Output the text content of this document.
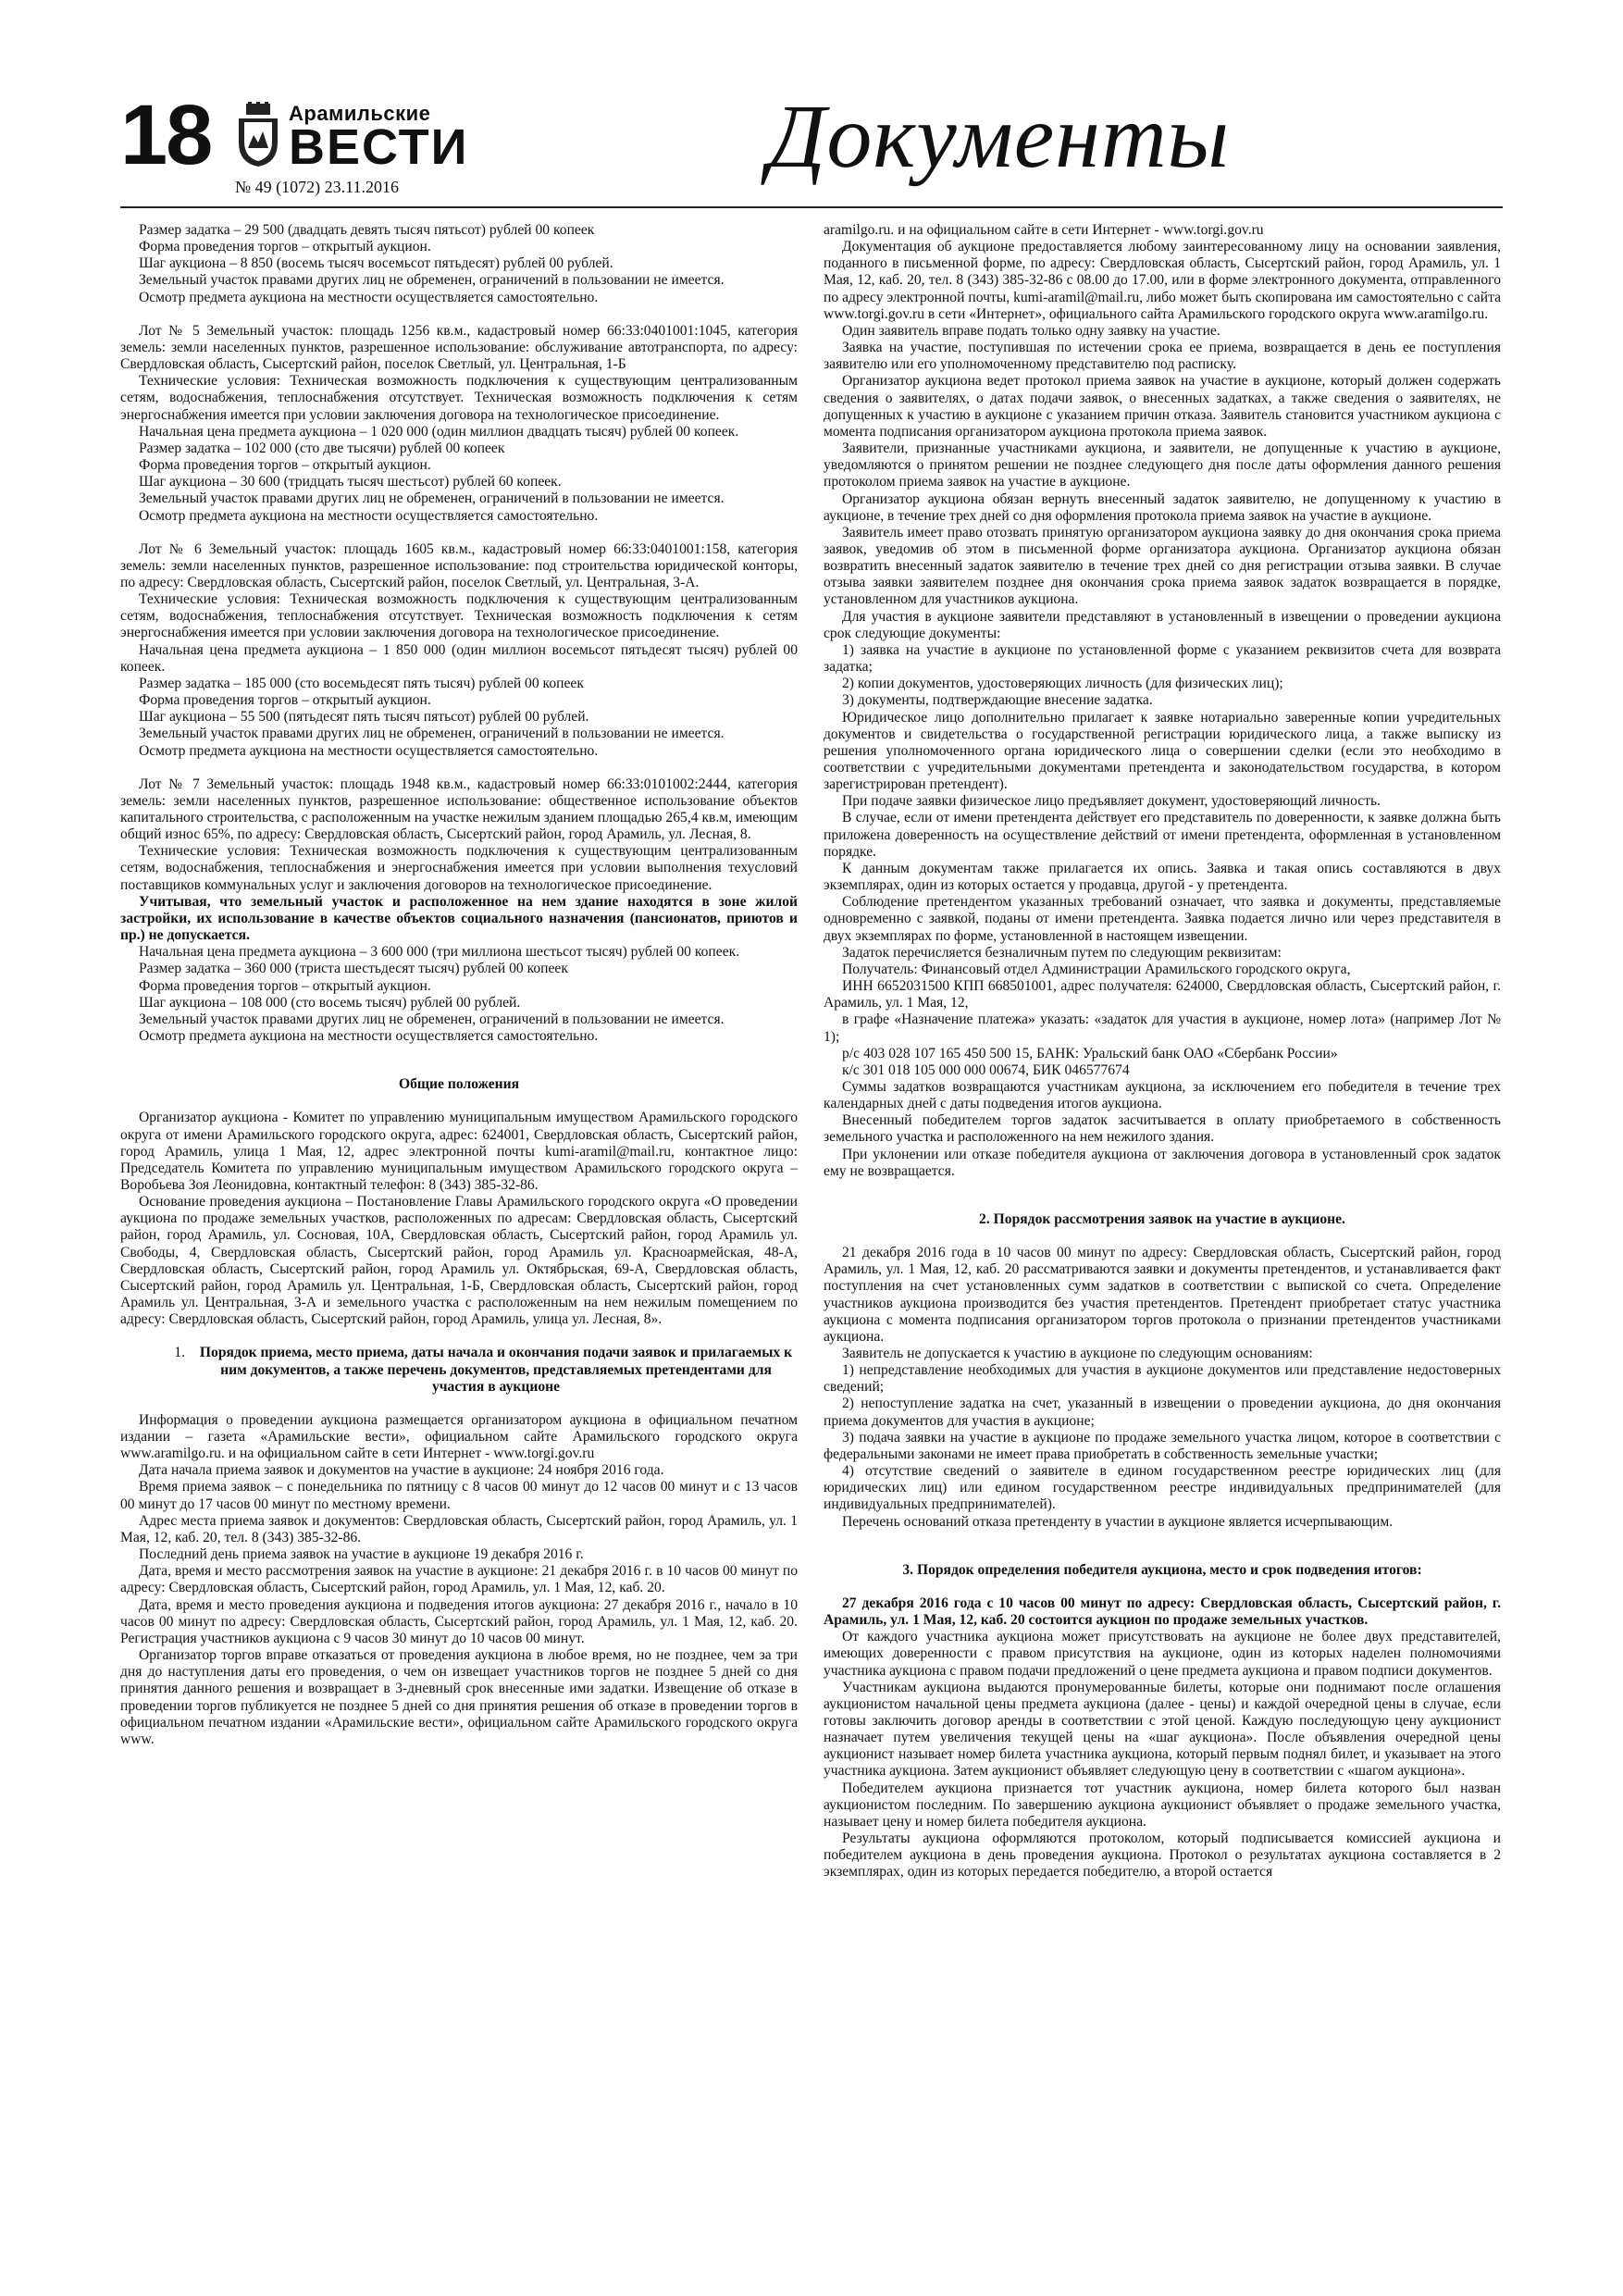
18	Арамильские
ВЕСТИ
№ 49 (1072) 23.11.2016	Документы

Размер задатка – 29 500 (двадцать девять тысяч пятьсот) рублей 00 копеек

Форма проведения торгов – открытый аукцион.

Шаг аукциона – 8 850 (восемь тысяч восемьсот пятьдесят) рублей 00 рублей.

Земельный участок правами других лиц не обременен, ограничений в пользовании не имеется.

Осмотр предмета аукциона на местности осуществляется самостоятельно.

Лот № 5 Земельный участок: площадь 1256 кв.м., кадастровый номер 66:33:0401001:1045, категория земель: земли населенных пунктов, разрешенное использование: обслуживание автотранспорта, по адресу: Свердловская область, Сысертский район, поселок Светлый, ул. Центральная, 1-Б

Технические условия: Техническая возможность подключения к существующим централизованным сетям, водоснабжения, теплоснабжения отсутствует. Техническая возможность подключения к сетям энергоснабжения имеется при условии заключения договора на технологическое присоединение.

Начальная цена предмета аукциона – 1 020 000 (один миллион двадцать тысяч) рублей 00 копеек.

Размер задатка – 102 000 (сто две тысячи) рублей 00 копеек

Форма проведения торгов – открытый аукцион.

Шаг аукциона – 30 600 (тридцать тысяч шестьсот) рублей 60 копеек.

Земельный участок правами других лиц не обременен, ограничений в пользовании не имеется.

Осмотр предмета аукциона на местности осуществляется самостоятельно.

Лот № 6 Земельный участок: площадь 1605 кв.м., кадастровый номер 66:33:0401001:158, категория земель: земли населенных пунктов, разрешенное использование: под строительства юридической конторы, по адресу: Свердловская область, Сысертский район, поселок Светлый, ул. Центральная, 3-А.

Технические условия: Техническая возможность подключения к существующим централизованным сетям, водоснабжения, теплоснабжения отсутствует. Техническая возможность подключения к сетям энергоснабжения имеется при условии заключения договора на технологическое присоединение.

Начальная цена предмета аукциона – 1 850 000 (один миллион восемьсот пятьдесят тысяч) рублей 00 копеек.

Размер задатка – 185 000 (сто восемьдесят пять тысяч) рублей 00 копеек

Форма проведения торгов – открытый аукцион.

Шаг аукциона – 55 500 (пятьдесят пять тысяч пятьсот) рублей 00 рублей.

Земельный участок правами других лиц не обременен, ограничений в пользовании не имеется.

Осмотр предмета аукциона на местности осуществляется самостоятельно.

Лот № 7 Земельный участок: площадь 1948 кв.м., кадастровый номер 66:33:0101002:2444, категория земель: земли населенных пунктов, разрешенное использование: общественное использование объектов капитального строительства, с расположенным на участке нежилым зданием площадью 265,4 кв.м, имеющим общий износ 65%, по адресу: Свердловская область, Сысертский район, город Арамиль, ул. Лесная, 8.

Технические условия: Техническая возможность подключения к существующим централизованным сетям, водоснабжения, теплоснабжения и энергоснабжения имеется при условии выполнения техусловий поставщиков коммунальных услуг и заключения договоров на технологическое присоединение.

Учитывая, что земельный участок и расположенное на нем здание находятся в зоне жилой застройки, их использование в качестве объектов социального назначения (пансионатов, приютов и пр.) не допускается.

Начальная цена предмета аукциона – 3 600 000 (три миллиона шестьсот тысяч) рублей 00 копеек.

Размер задатка – 360 000 (триста шестьдесят тысяч) рублей 00 копеек

Форма проведения торгов – открытый аукцион.

Шаг аукциона – 108 000 (сто восемь тысяч) рублей 00 рублей.

Земельный участок правами других лиц не обременен, ограничений в пользовании не имеется.

Осмотр предмета аукциона на местности осуществляется самостоятельно.

Общие положения

Организатор аукциона - Комитет по управлению муниципальным имуществом Арамильского городского округа от имени Арамильского городского округа, адрес: 624001, Свердловская область, Сысертский район, город Арамиль, улица 1 Мая, 12, адрес электронной почты kumi-aramil@mail.ru, контактное лицо: Председатель Комитета по управлению муниципальным имуществом Арамильского городского округа – Воробьева Зоя Леонидовна, контактный телефон: 8 (343) 385-32-86.

Основание проведения аукциона – Постановление Главы Арамильского городского округа «О проведении аукциона по продаже земельных участков, расположенных по адресам: Свердловская область, Сысертский район, город Арамиль, ул. Сосновая, 10А, Свердловская область, Сысертский район, город Арамиль ул. Свободы, 4, Свердловская область, Сысертский район, город Арамиль ул. Красноармейская, 48-А, Свердловская область, Сысертский район, город Арамиль ул. Октябрьская, 69-А, Свердловская область, Сысертский район, город Арамиль ул. Центральная, 1-Б, Свердловская область, Сысертский район, город Арамиль ул. Центральная, 3-А и земельного участка с расположенным на нем нежилым помещением по адресу: Свердловская область, Сысертский район, город Арамиль, улица ул. Лесная, 8».

1.	Порядок приема, место приема, даты начала и окончания подачи заявок и прилагаемых к ним документов, а также перечень документов, представляемых претендентами для участия в аукционе

Информация о проведении аукциона размещается организатором аукциона в официальном печатном издании – газета «Арамильские вести», официальном сайте Арамильского городского округа www.aramilgo.ru. и на официальном сайте в сети Интернет - www.torgi.gov.ru

Дата начала приема заявок и документов на участие в аукционе: 24 ноября 2016 года.

Время приема заявок – с понедельника по пятницу с 8 часов 00 минут до 12 часов 00 минут и с 13 часов 00 минут до 17 часов 00 минут по местному времени.

Адрес места приема заявок и документов: Свердловская область, Сысертский район, город Арамиль, ул. 1 Мая, 12, каб. 20, тел. 8 (343) 385-32-86.

Последний день приема заявок на участие в аукционе 19 декабря 2016 г.

Дата, время и место рассмотрения заявок на участие в аукционе: 21 декабря 2016 г. в 10 часов 00 минут по адресу: Свердловская область, Сысертский район, город Арамиль, ул. 1 Мая, 12, каб. 20.

Дата, время и место проведения аукциона и подведения итогов аукциона: 27 декабря 2016 г., начало в 10 часов 00 минут по адресу: Свердловская область, Сысертский район, город Арамиль, ул. 1 Мая, 12, каб. 20. Регистрация участников аукциона с 9 часов 30 минут до 10 часов 00 минут.

Организатор торгов вправе отказаться от проведения аукциона в любое время, но не позднее, чем за три дня до наступления даты его проведения, о чем он извещает участников торгов не позднее 5 дней со дня принятия данного решения и возвращает в 3-дневный срок внесенные ими задатки. Извещение об отказе в проведении торгов публикуется не позднее 5 дней со дня принятия решения об отказе в проведении торгов в официальном печатном издании «Арамильские вести», официальном сайте Арамильского городского округа www.

aramilgo.ru. и на официальном сайте в сети Интернет - www.torgi.gov.ru

Документация об аукционе предоставляется любому заинтересованному лицу на основании заявления, поданного в письменной форме, по адресу: Свердловская область, Сысертский район, город Арамиль, ул. 1 Мая, 12, каб. 20, тел. 8 (343) 385-32-86 с 08.00 до 17.00, или в форме электронного документа, отправленного по адресу электронной почты, kumi-aramil@mail.ru, либо может быть скопирована им самостоятельно с сайта www.torgi.gov.ru в сети «Интернет», официального сайта Арамильского городского округа www.aramilgo.ru.

Один заявитель вправе подать только одну заявку на участие.

Заявка на участие, поступившая по истечении срока ее приема, возвращается в день ее поступления заявителю или его уполномоченному представителю под расписку.

Организатор аукциона ведет протокол приема заявок на участие в аукционе, который должен содержать сведения о заявителях, о датах подачи заявок, о внесенных задатках, а также сведения о заявителях, не допущенных к участию в аукционе с указанием причин отказа. Заявитель становится участником аукциона с момента подписания организатором аукциона протокола приема заявок.

Заявители, признанные участниками аукциона, и заявители, не допущенные к участию в аукционе, уведомляются о принятом решении не позднее следующего дня после даты оформления данного решения протоколом приема заявок на участие в аукционе.

Организатор аукциона обязан вернуть внесенный задаток заявителю, не допущенному к участию в аукционе, в течение трех дней со дня оформления протокола приема заявок на участие в аукционе.

Заявитель имеет право отозвать принятую организатором аукциона заявку до дня окончания срока приема заявок, уведомив об этом в письменной форме организатора аукциона. Организатор аукциона обязан возвратить внесенный задаток заявителю в течение трех дней со дня регистрации отзыва заявки. В случае отзыва заявки заявителем позднее дня окончания срока приема заявок задаток возвращается в порядке, установленном для участников аукциона.

Для участия в аукционе заявители представляют в установленный в извещении о проведении аукциона срок следующие документы:

1) заявка на участие в аукционе по установленной форме с указанием реквизитов счета для возврата задатка;

2) копии документов, удостоверяющих личность (для физических лиц);

3) документы, подтверждающие внесение задатка.

Юридическое лицо дополнительно прилагает к заявке нотариально заверенные копии учредительных документов и свидетельства о государственной регистрации юридического лица, а также выписку из решения уполномоченного органа юридического лица о совершении сделки (если это необходимо в соответствии с учредительными документами претендента и законодательством государства, в котором зарегистрирован претендент).

При подаче заявки физическое лицо предъявляет документ, удостоверяющий личность.

В случае, если от имени претендента действует его представитель по доверенности, к заявке должна быть приложена доверенность на осуществление действий от имени претендента, оформленная в установленном порядке.

К данным документам также прилагается их опись. Заявка и такая опись составляются в двух экземплярах, один из которых остается у продавца, другой - у претендента.

Соблюдение претендентом указанных требований означает, что заявка и документы, представляемые одновременно с заявкой, поданы от имени претендента. Заявка подается лично или через представителя в двух экземплярах по форме, установленной в настоящем извещении.

Задаток перечисляется безналичным путем по следующим реквизитам:

Получатель: Финансовый отдел Администрации Арамильского городского округа,

ИНН 6652031500 КПП 668501001, адрес получателя: 624000, Свердловская область, Сысертский район, г. Арамиль, ул. 1 Мая, 12,

в графе «Назначение платежа» указать: «задаток для участия в аукционе, номер лота» (например Лот № 1);

р/с 403 028 107 165 450 500 15, БАНК: Уральский банк ОАО «Сбербанк России»

к/с 301 018 105 000 000 00674, БИК 046577674

Суммы задатков возвращаются участникам аукциона, за исключением его победителя в течение трех календарных дней с даты подведения итогов аукциона.

Внесенный победителем торгов задаток засчитывается в оплату приобретаемого в собственность земельного участка и расположенного на нем нежилого здания.

При уклонении или отказе победителя аукциона от заключения договора в установленный срок задаток ему не возвращается.

2. Порядок рассмотрения заявок на участие в аукционе.

21 декабря 2016 года в 10 часов 00 минут по адресу: Свердловская область, Сысертский район, город Арамиль, ул. 1 Мая, 12, каб. 20 рассматриваются заявки и документы претендентов, и устанавливается факт поступления на счет установленных сумм задатков в соответствии с выпиской со счета. Определение участников аукциона производится без участия претендентов. Претендент приобретает статус участника аукциона с момента подписания организатором торгов протокола о признании претендентов участниками аукциона.

Заявитель не допускается к участию в аукционе по следующим основаниям:

1) непредставление необходимых для участия в аукционе документов или представление недостоверных сведений;

2) непоступление задатка на счет, указанный в извещении о проведении аукциона, до дня окончания приема документов для участия в аукционе;

3) подача заявки на участие в аукционе по продаже земельного участка лицом, которое в соответствии с федеральными законами не имеет права приобретать в собственность земельные участки;

4) отсутствие сведений о заявителе в едином государственном реестре юридических лиц (для юридических лиц) или едином государственном реестре индивидуальных предпринимателей (для индивидуальных предпринимателей).

Перечень оснований отказа претенденту в участии в аукционе является исчерпывающим.

3. Порядок определения победителя аукциона, место и срок подведения итогов:

27 декабря 2016 года с 10 часов 00 минут по адресу: Свердловская область, Сысертский район, г. Арамиль, ул. 1 Мая, 12, каб. 20 состоится аукцион по продаже земельных участков.

От каждого участника аукциона может присутствовать на аукционе не более двух представителей, имеющих доверенности с правом присутствия на аукционе, один из которых наделен полномочиями участника аукциона с правом подачи предложений о цене предмета аукциона и правом подписи документов.

Участникам аукциона выдаются пронумерованные билеты, которые они поднимают после оглашения аукционистом начальной цены предмета аукциона (далее - цены) и каждой очередной цены в случае, если готовы заключить договор аренды в соответствии с этой ценой. Каждую последующую цену аукционист назначает путем увеличения текущей цены на «шаг аукциона». После объявления очередной цены аукционист называет номер билета участника аукциона, который первым поднял билет, и указывает на этого участника аукциона. Затем аукционист объявляет следующую цену в соответствии с «шагом аукциона».

Победителем аукциона признается тот участник аукциона, номер билета которого был назван аукционистом последним. По завершению аукциона аукционист объявляет о продаже земельного участка, называет цену и номер билета победителя аукциона.

Результаты аукциона оформляются протоколом, который подписывается комиссией аукциона и победителем аукциона в день проведения аукциона. Протокол о результатах аукциона составляется в 2 экземплярах, один из которых передается победителю, а второй остается
